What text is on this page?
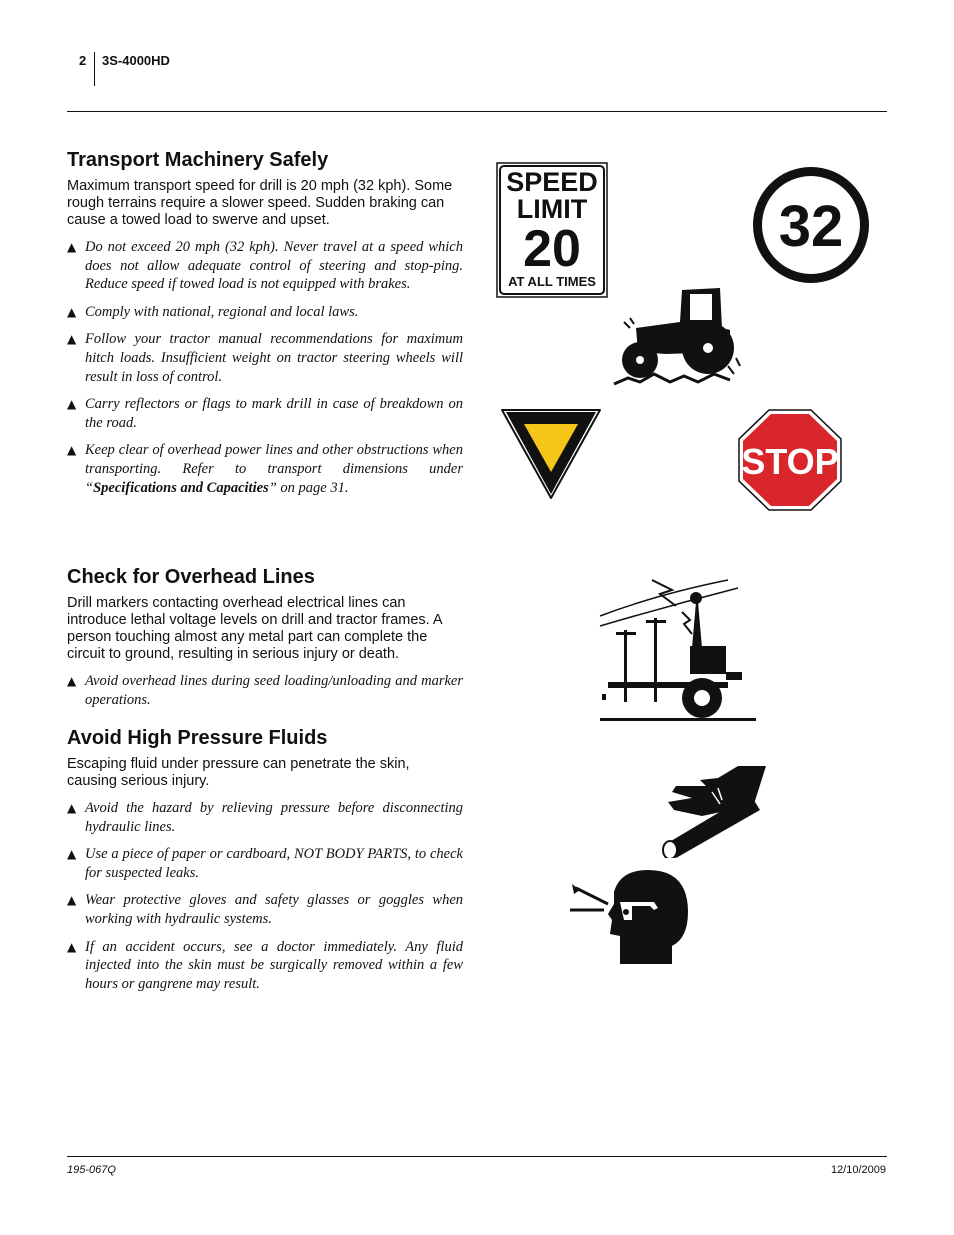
2 3S-4000HD
Transport Machinery Safely

Maximum transport speed for drill is 20 mph (32 kph). Some rough terrains require a slower speed. Sudden braking can cause a towed load to swerve and upset.

▲ Do not exceed 20 mph (32 kph). Never travel at a speed which does not allow adequate control of steering and stop-ping. Reduce speed if towed load is not equipped with brakes.
▲ Comply with national, regional and local laws.
▲ Follow your tractor manual recommendations for maximum hitch loads. Insufficient weight on tractor steering wheels will result in loss of control.
▲ Carry reflectors or flags to mark drill in case of breakdown on the road.
▲ Keep clear of overhead power lines and other obstructions when transporting. Refer to transport dimensions under “Specifications and Capacities” on page 31.
Check for Overhead Lines

Drill markers contacting overhead electrical lines can introduce lethal voltage levels on drill and tractor frames. A person touching almost any metal part can complete the circuit to ground, resulting in serious injury or death.

▲ Avoid overhead lines during seed loading/unloading and marker operations.
Avoid High Pressure Fluids

Escaping fluid under pressure can penetrate the skin, causing serious injury.

▲ Avoid the hazard by relieving pressure before disconnecting hydraulic lines.
▲ Use a piece of paper or cardboard, NOT BODY PARTS, to check for suspected leaks.
▲ Wear protective gloves and safety glasses or goggles when working with hydraulic systems.
▲ If an accident occurs, see a doctor immediately. Any fluid injected into the skin must be surgically removed within a few hours or gangrene may result.
SPEED
LIMIT
20
AT ALL TIMES
32
STOP
195-067Q	12/10/2009
